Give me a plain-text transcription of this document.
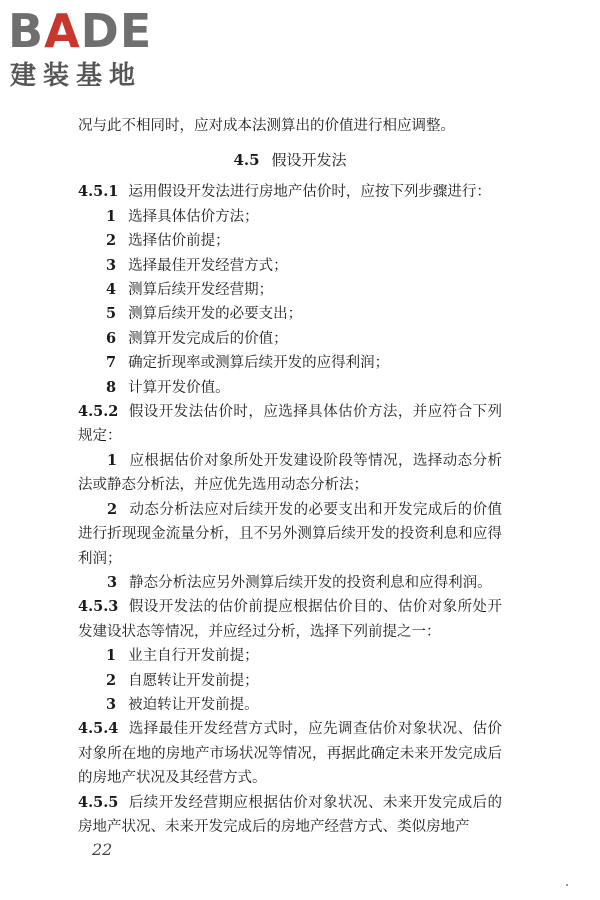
BADE
建装基地

况与此不相同时，应对成本法测算出的价值进行相应调整。

4.5 假设开发法

4.5.1 运用假设开发法进行房地产估价时，应按下列步骤进行：

1 选择具体估价方法；

2 选择估价前提；

3 选择最佳开发经营方式；

4 测算后续开发经营期；

5 测算后续开发的必要支出；

6 测算开发完成后的价值；

7 确定折现率或测算后续开发的应得利润；

8 计算开发价值。

4.5.2 假设开发法估价时，应选择具体估价方法，并应符合下列规定：

1 应根据估价对象所处开发建设阶段等情况，选择动态分析法或静态分析法，并应优先选用动态分析法；

2 动态分析法应对后续开发的必要支出和开发完成后的价值进行折现现金流量分析，且不另外测算后续开发的投资利息和应得利润；

3 静态分析法应另外测算后续开发的投资利息和应得利润。

4.5.3 假设开发法的估价前提应根据估价目的、估价对象所处开发建设状态等情况，并应经过分析，选择下列前提之一：

1 业主自行开发前提；

2 自愿转让开发前提；

3 被迫转让开发前提。

4.5.4 选择最佳开发经营方式时，应先调查估价对象状况、估价对象所在地的房地产市场状况等情况，再据此确定未来开发完成后的房地产状况及其经营方式。

4.5.5 后续开发经营期应根据估价对象状况、未来开发完成后的房地产状况、未来开发完成后的房地产经营方式、类似房地产

22
